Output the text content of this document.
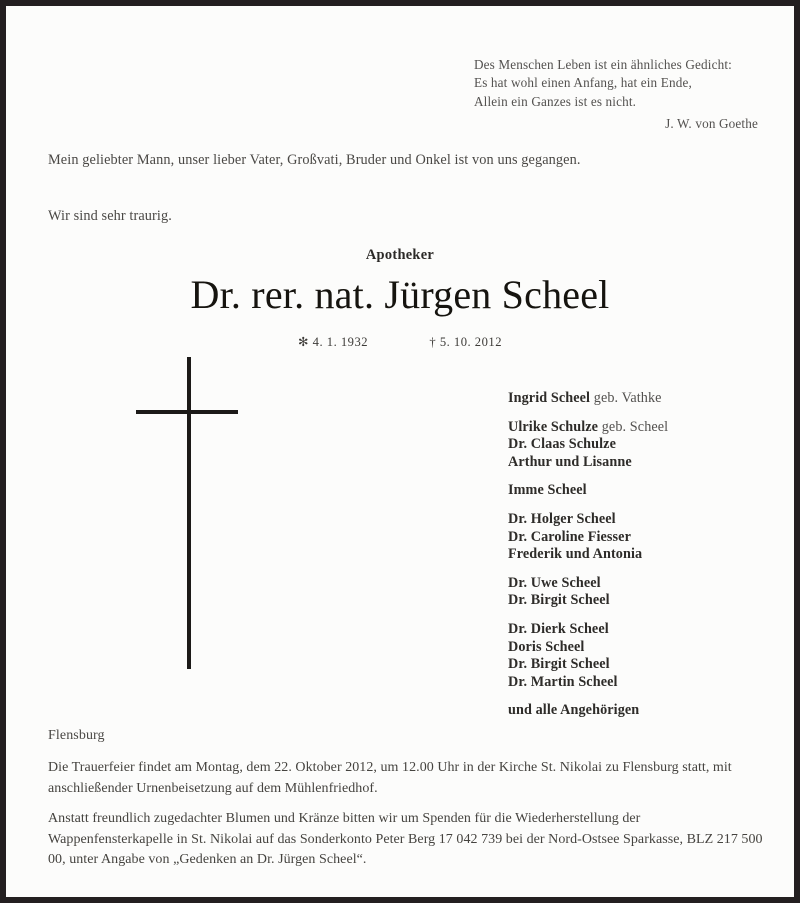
Des Menschen Leben ist ein ähnliches Gedicht:
Es hat wohl einen Anfang, hat ein Ende,
Allein ein Ganzes ist es nicht.
J. W. von Goethe
Mein geliebter Mann, unser lieber Vater, Großvati, Bruder und Onkel ist von uns gegangen.
Wir sind sehr traurig.
Apotheker
Dr. rer. nat. Jürgen Scheel
✻ 4. 1. 1932	† 5. 10. 2012
Ingrid Scheel geb. Vathke
Ulrike Schulze geb. Scheel
Dr. Claas Schulze
Arthur und Lisanne
Imme Scheel
Dr. Holger Scheel
Dr. Caroline Fiesser
Frederik und Antonia
Dr. Uwe Scheel
Dr. Birgit Scheel
Dr. Dierk Scheel
Doris Scheel
Dr. Birgit Scheel
Dr. Martin Scheel
und alle Angehörigen
Flensburg
Die Trauerfeier findet am Montag, dem 22. Oktober 2012, um 12.00 Uhr in der Kirche St. Nikolai zu Flensburg statt, mit anschließender Urnenbeisetzung auf dem Mühlenfriedhof.
Anstatt freundlich zugedachter Blumen und Kränze bitten wir um Spenden für die Wiederherstellung der Wappenfensterkapelle in St. Nikolai auf das Sonderkonto Peter Berg 17 042 739 bei der Nord-Ostsee Sparkasse, BLZ 217 500 00, unter Angabe von „Gedenken an Dr. Jürgen Scheel“.
